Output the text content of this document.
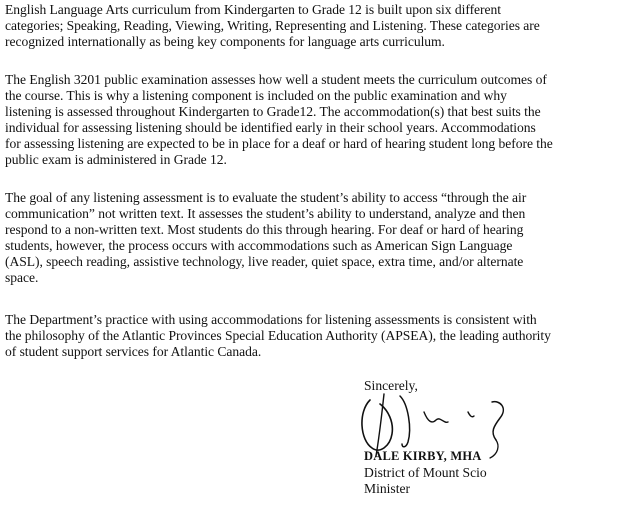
English Language Arts curriculum from Kindergarten to Grade 12 is built upon six different
categories; Speaking, Reading, Viewing, Writing, Representing and Listening. These categories are
recognized internationally as being key components for language arts curriculum.

The English 3201 public examination assesses how well a student meets the curriculum outcomes of
the course. This is why a listening component is included on the public examination and why
listening is assessed throughout Kindergarten to Grade12. The accommodation(s) that best suits the
individual for assessing listening should be identified early in their school years. Accommodations
for assessing listening are expected to be in place for a deaf or hard of hearing student long before the
public exam is administered in Grade 12.

The goal of any listening assessment is to evaluate the student’s ability to access “through the air
communication” not written text. It assesses the student’s ability to understand, analyze and then
respond to a non-written text. Most students do this through hearing. For deaf or hard of hearing
students, however, the process occurs with accommodations such as American Sign Language
(ASL), speech reading, assistive technology, live reader, quiet space, extra time, and/or alternate
space.

The Department’s practice with using accommodations for listening assessments is consistent with
the philosophy of the Atlantic Provinces Special Education Authority (APSEA), the leading authority
of student support services for Atlantic Canada.

Sincerely,
DALE KIRBY, MHA
District of Mount Scio
Minister
